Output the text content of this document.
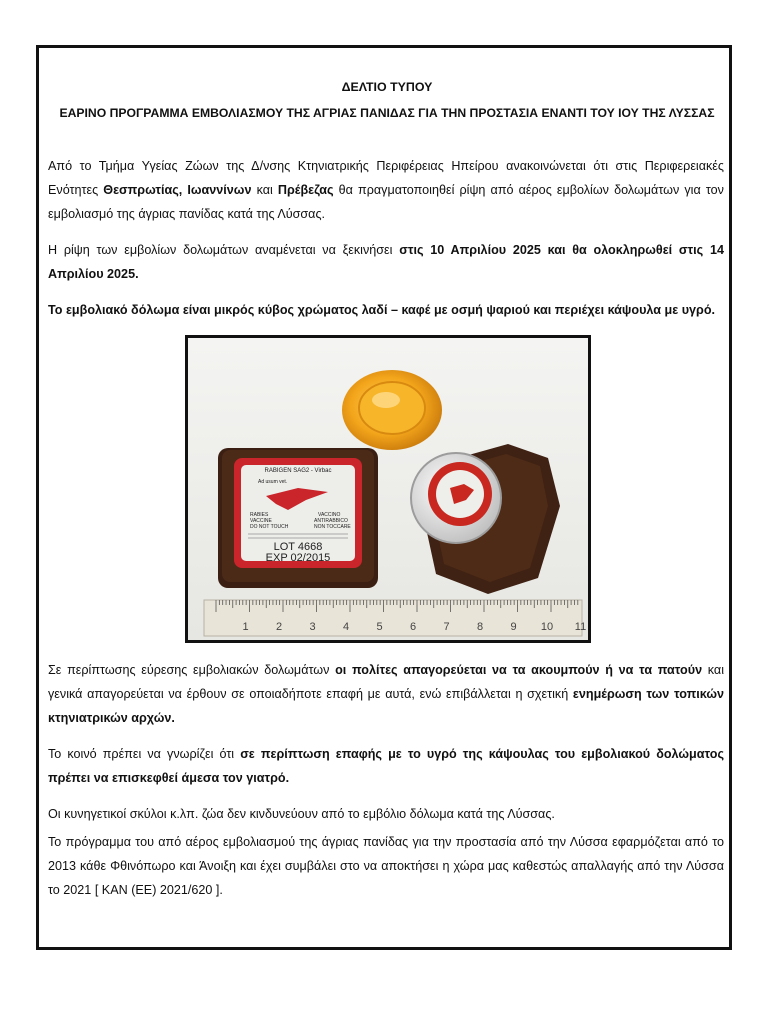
ΔΕΛΤΙΟ ΤΥΠΟΥ
ΕΑΡΙΝΟ ΠΡΟΓΡΑΜΜΑ ΕΜΒΟΛΙΑΣΜΟΥ ΤΗΣ ΑΓΡΙΑΣ ΠΑΝΙΔΑΣ ΓΙΑ ΤΗΝ ΠΡΟΣΤΑΣΙΑ ΕΝΑΝΤΙ ΤΟΥ ΙΟΥ ΤΗΣ ΛΥΣΣΑΣ

Από το Τμήμα Υγείας Ζώων της Δ/νσης Κτηνιατρικής Περιφέρειας Ηπείρου ανακοινώνεται ότι στις Περιφερειακές Ενότητες Θεσπρωτίας, Ιωαννίνων και Πρέβεζας θα πραγματοποιηθεί ρίψη από αέρος εμβολίων δολωμάτων για τον εμβολιασμό της άγριας πανίδας κατά της Λύσσας.

Η ρίψη των εμβολίων δολωμάτων αναμένεται να ξεκινήσει στις 10 Απριλίου 2025 και θα ολοκληρωθεί στις 14 Απριλίου 2025.

Το εμβολιακό δόλωμα είναι μικρός κύβος χρώματος λαδί – καφέ με οσμή ψαριού και περιέχει κάψουλα με υγρό.

RABIGEN SAG2 - Virbac
Ad usum vet.
RABIES
VACCINE
DO NOT TOUCH
VACCINO
ANTIRABBICO
NON TOCCARE
LOT 4668
EXP 02/2015
1 2 3 4 5 6 7 8 9 10 11

Σε περίπτωσης εύρεσης εμβολιακών δολωμάτων οι πολίτες απαγορεύεται να τα ακουμπούν ή να τα πατούν και γενικά απαγορεύεται να έρθουν σε οποιαδήποτε επαφή με αυτά, ενώ επιβάλλεται η σχετική ενημέρωση των τοπικών κτηνιατρικών αρχών.

Το κοινό πρέπει να γνωρίζει ότι σε περίπτωση επαφής με το υγρό της κάψουλας του εμβολιακού δολώματος πρέπει να επισκεφθεί άμεσα τον γιατρό.

Οι κυνηγετικοί σκύλοι κ.λπ. ζώα δεν κινδυνεύουν από το εμβόλιο δόλωμα κατά της Λύσσας.

Το πρόγραμμα του από αέρος εμβολιασμού της άγριας πανίδας για την προστασία από την Λύσσα εφαρμόζεται από το 2013 κάθε Φθινόπωρο και Άνοιξη και έχει συμβάλει στο να αποκτήσει η χώρα μας καθεστώς απαλλαγής από την Λύσσα το 2021 [ ΚΑΝ (ΕΕ) 2021/620 ].
